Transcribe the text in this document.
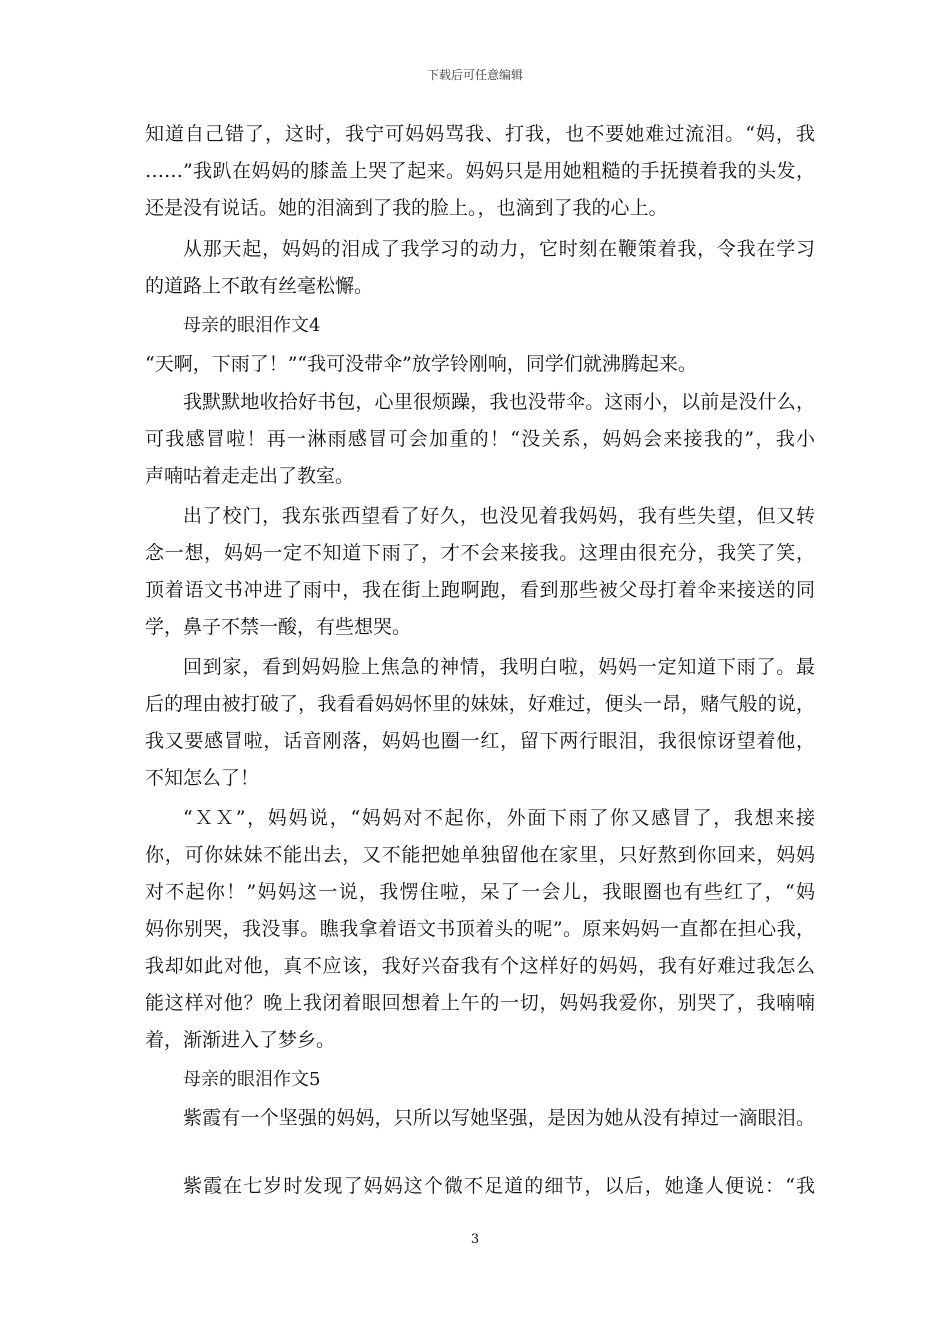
下载后可任意编辑
知道自己错了，这时，我宁可妈妈骂我、打我，也不要她难过流泪。“妈，我
……”我趴在妈妈的膝盖上哭了起来。妈妈只是用她粗糙的手抚摸着我的头发，
还是没有说话。她的泪滴到了我的脸上。，也滴到了我的心上。
从那天起，妈妈的泪成了我学习的动力，它时刻在鞭策着我，令我在学习
的道路上不敢有丝毫松懈。
母亲的眼泪作文4
“天啊，下雨了！”“我可没带伞”放学铃刚响，同学们就沸腾起来。
我默默地收拾好书包，心里很烦躁，我也没带伞。这雨小，以前是没什么，
可我感冒啦！再一淋雨感冒可会加重的！“没关系，妈妈会来接我的”，我小
声喃咕着走走出了教室。
出了校门，我东张西望看了好久，也没见着我妈妈，我有些失望，但又转
念一想，妈妈一定不知道下雨了，才不会来接我。这理由很充分，我笑了笑，
顶着语文书冲进了雨中，我在街上跑啊跑，看到那些被父母打着伞来接送的同
学，鼻子不禁一酸，有些想哭。
回到家，看到妈妈脸上焦急的神情，我明白啦，妈妈一定知道下雨了。最
后的理由被打破了，我看看妈妈怀里的妹妹，好难过，便头一昂，赌气般的说，
我又要感冒啦，话音刚落，妈妈也圈一红，留下两行眼泪，我很惊讶望着他，
不知怎么了！
“ＸＸ”，妈妈说，“妈妈对不起你，外面下雨了你又感冒了，我想来接
你，可你妹妹不能出去，又不能把她单独留他在家里，只好熬到你回来，妈妈
对不起你！”妈妈这一说，我愣住啦，呆了一会儿，我眼圈也有些红了，“妈
妈你别哭，我没事。瞧我拿着语文书顶着头的呢”。原来妈妈一直都在担心我，
我却如此对他，真不应该，我好兴奋我有个这样好的妈妈，我有好难过我怎么
能这样对他？晚上我闭着眼回想着上午的一切，妈妈我爱你，别哭了，我喃喃
着，渐渐进入了梦乡。
母亲的眼泪作文5
紫霞有一个坚强的妈妈，只所以写她坚强，是因为她从没有掉过一滴眼泪。
紫霞在七岁时发现了妈妈这个微不足道的细节，以后，她逢人便说：“我
3
